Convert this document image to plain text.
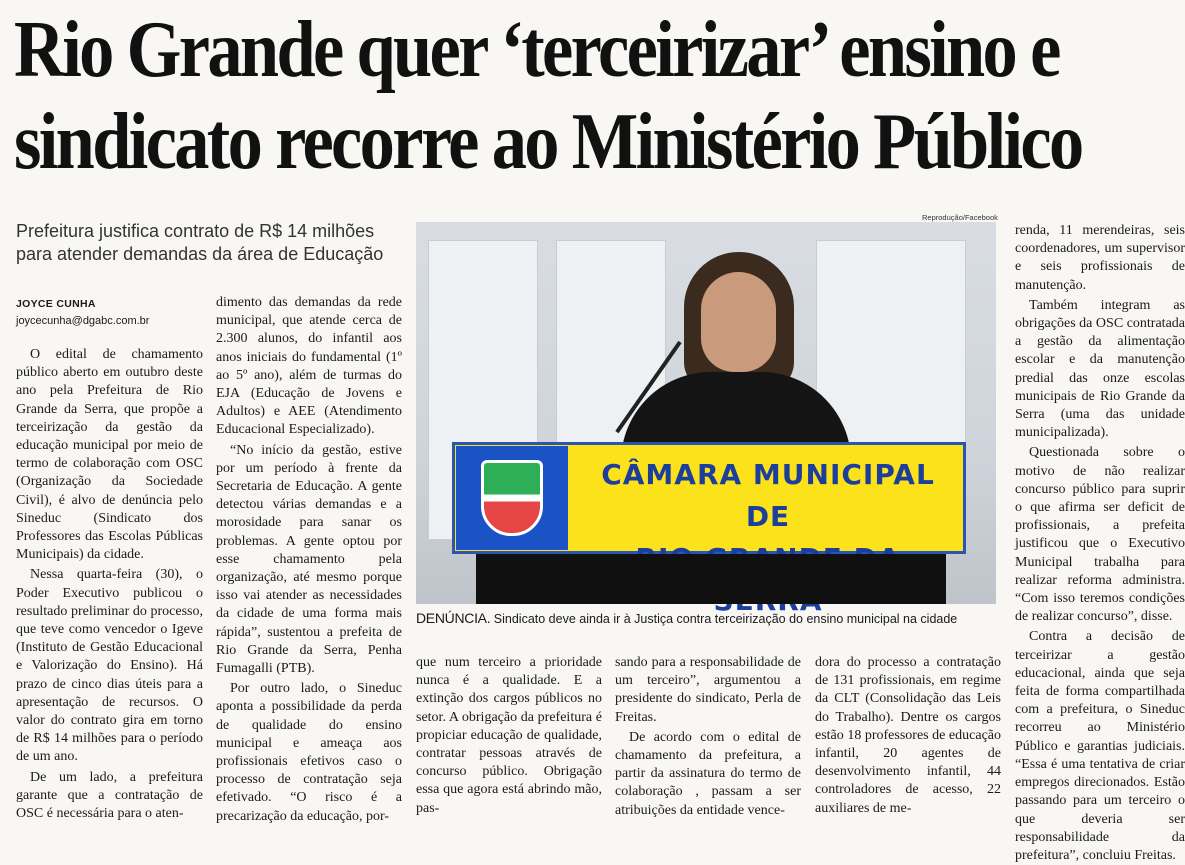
Rio Grande quer ‘terceirizar’ ensino e
sindicato recorre ao Ministério Público
Prefeitura justifica contrato de R$ 14 milhões para atender demandas da área de Educação
JOYCE CUNHA
joycecunha@dgabc.com.br
Reprodução/Facebook
CÂMARA MUNICIPAL DE
DENÚNCIA. Sindicato deve ainda ir à Justiça contra terceirização do ensino municipal na cidade

O edital de chamamento público aberto em outubro deste ano pela Prefeitura de Rio Grande da Serra, que propõe a terceirização da gestão da educação municipal por meio de termo de colaboração com OSC (Organização da Sociedade Civil), é alvo de denúncia pelo Sineduc (Sindicato dos Professores das Escolas Públicas Municipais) da cidade.

Nessa quarta-feira (30), o Poder Executivo publicou o resultado preliminar do processo, que teve como vencedor o Igeve (Instituto de Gestão Educacional e Valorização do Ensino). Há prazo de cinco dias úteis para a apresentação de recursos. O valor do contrato gira em torno de R$ 14 milhões para o período de um ano.

De um lado, a prefeitura garante que a contratação de OSC é necessária para o aten-

dimento das demandas da rede municipal, que atende cerca de 2.300 alunos, do infantil aos anos iniciais do fundamental (1º ao 5º ano), além de turmas do EJA (Educação de Jovens e Adultos) e AEE (Atendimento Educacional Especializado).

“No início da gestão, estive por um período à frente da Secretaria de Educação. A gente detectou várias demandas e a morosidade para sanar os problemas. A gente optou por esse chamamento pela organização, até mesmo porque isso vai atender as necessidades da cidade de uma forma mais rápida”, sustentou a prefeita de Rio Grande da Serra, Penha Fumagalli (PTB).

Por outro lado, o Sineduc aponta a possibilidade da perda de qualidade do ensino municipal e ameaça aos profissionais efetivos caso o processo de contratação seja efetivado. “O risco é a precarização da educação, por-

que num terceiro a prioridade nunca é a qualidade. E a extinção dos cargos públicos no setor. A obrigação da prefeitura é propiciar educação de qualidade, contratar pessoas através de concurso público. Obrigação essa que agora está abrindo mão, pas-

sando para a responsabilidade de um terceiro”, argumentou a presidente do sindicato, Perla de Freitas.

De acordo com o edital de chamamento da prefeitura, a partir da assinatura do termo de colaboração , passam a ser atribuições da entidade vence-

dora do processo a contratação de 131 profissionais, em regime da CLT (Consolidação das Leis do Trabalho). Dentre os cargos estão 18 professores de educação infantil, 20 agentes de desenvolvimento infantil, 44 controladores de acesso, 22 auxiliares de me-

renda, 11 merendeiras, seis coordenadores, um supervisor e seis profissionais de manutenção.

Também integram as obrigações da OSC contratada a gestão da alimentação escolar e da manutenção predial das onze escolas municipais de Rio Grande da Serra (uma das unidade municipalizada).

Questionada sobre o motivo de não realizar concurso público para suprir o que afirma ser deficit de profissionais, a prefeita justificou que o Executivo Municipal trabalha para realizar reforma administra. “Com isso teremos condições de realizar concurso”, disse.

Contra a decisão de terceirizar a gestão educacional, ainda que seja feita de forma compartilhada com a prefeitura, o Sineduc recorreu ao Ministério Público e garantias judiciais. “Essa é uma tentativa de criar empregos direcionados. Estão passando para um terceiro o que deveria ser responsabilidade da prefeitura”, concluiu Freitas.
